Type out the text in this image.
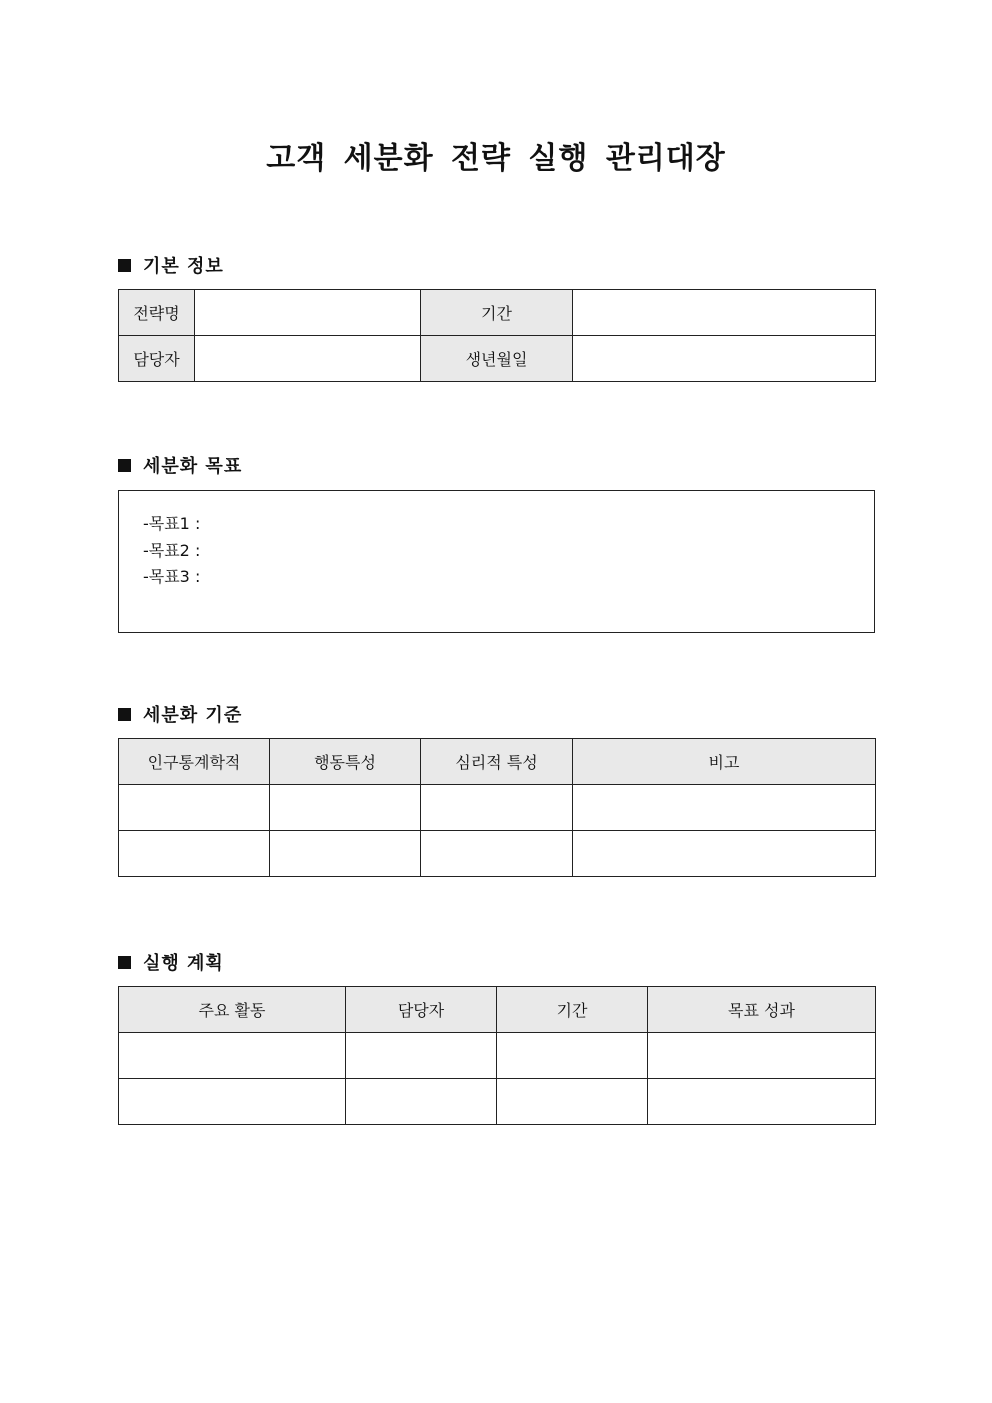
고객 세분화 전략 실행 관리대장
기본 정보
전략명		기간	
담당자		생년월일	
세분화 목표
-목표1 :
-목표2 :
-목표3 :
세분화 기준
인구통계학적	행동특성	심리적 특성	비고

실행 계획
주요 활동	담당자	기간	목표 성과
